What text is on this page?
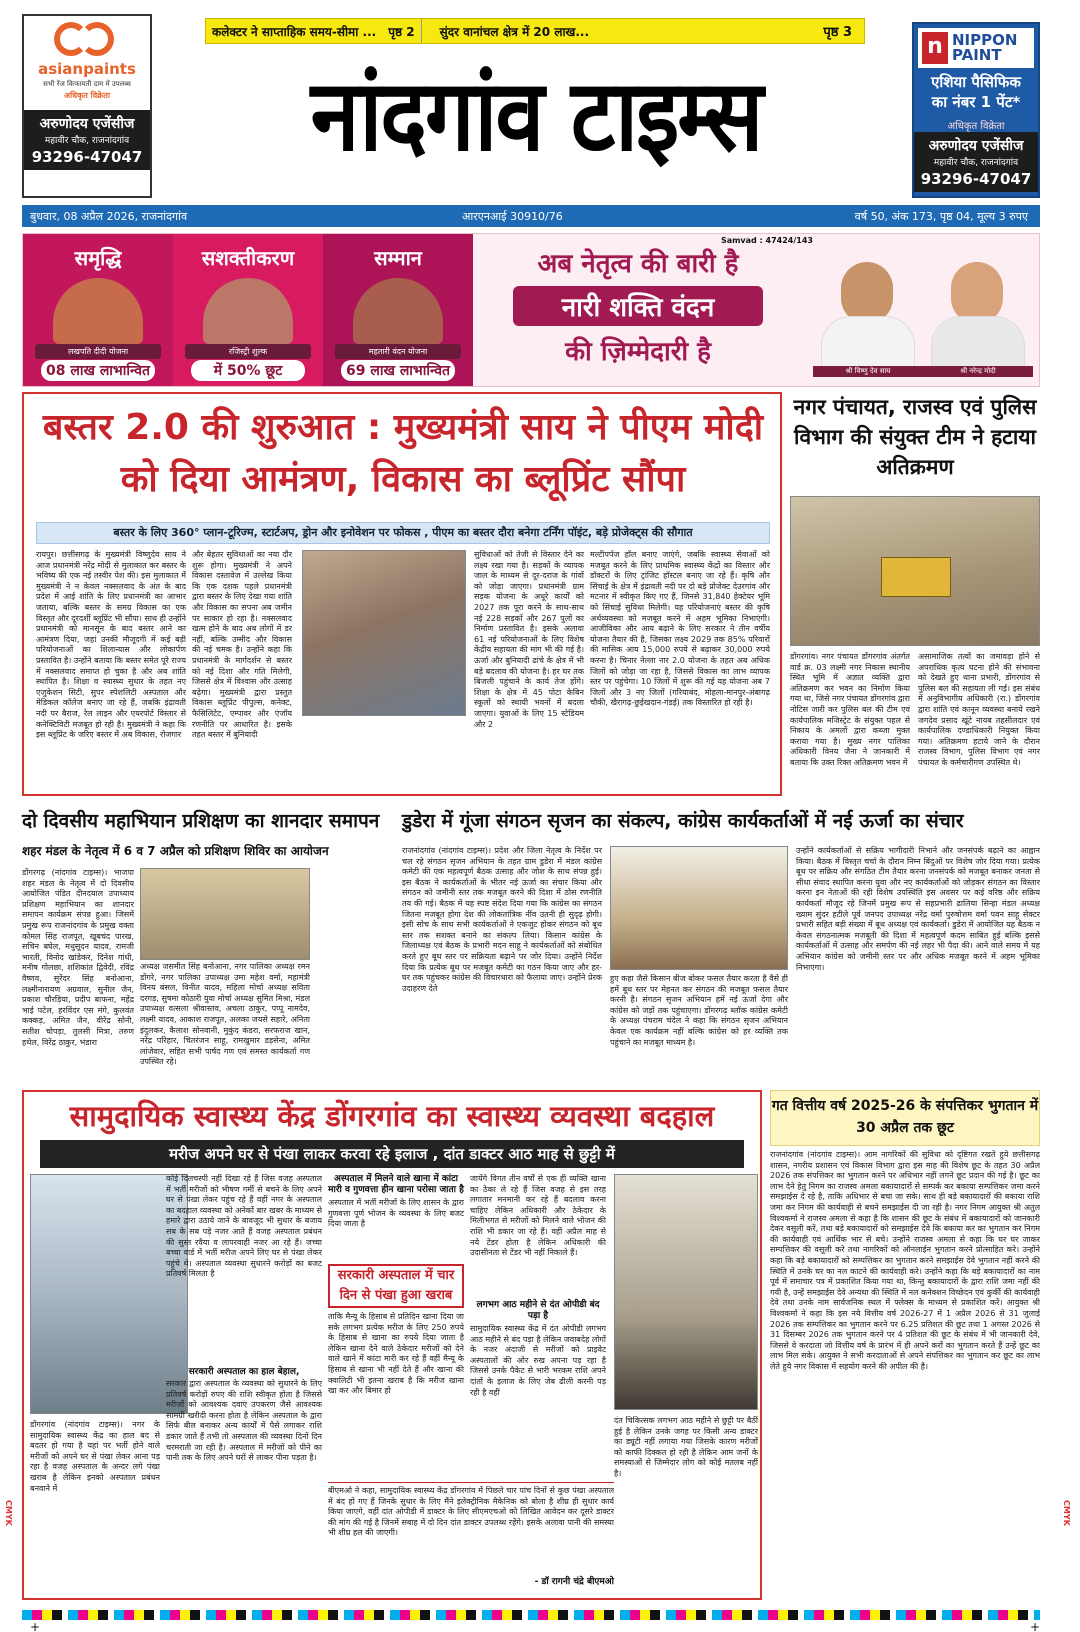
कलेक्टर ने साप्ताहिक समय-सीमा ...	पृष्ठ 2	सुंदर वानांचल क्षेत्र में 20 लाख...	पृष्ठ 3
asianpaints
सभी रेंज किफायती दाम में उपलब्ध
अधिकृत विक्रेता
अरुणोदय एजेंसीज
महावीर चौक, राजनांदगांव
93296-47047	नांदगांव टाइम्स
n NIPPON PAINT
एशिया पैसिफिक
का नंबर 1 पेंट*
अधिकृत विक्रेता
अरुणोदय एजेंसीज
महावीर चौक, राजनांदगांव
93296-47047
बुधवार, 08 अप्रैल 2026, राजनांदगांव	आरएनआई 30910/76	वर्ष 50, अंक 173, पृष्ठ 04, मूल्य 3 रुपए
समृद्धि
लखपति दीदी योजना
08 लाख लाभान्वित
सशक्तीकरण
रजिस्ट्री शुल्क
में 50% छूट
सम्मान
महतारी वंदन योजना
69 लाख लाभान्वित
अब नेतृत्व की बारी है
नारी शक्ति वंदन
की ज़िम्मेदारी है
Samvad : 47424/143
श्री विष्णु देव साय	श्री नरेन्द्र मोदी
बस्तर 2.0 की शुरुआत : मुख्यमंत्री साय ने पीएम मोदी को दिया आमंत्रण, विकास का ब्लूप्रिंट सौंपा
बस्तर के लिए 360° प्लान-टूरिज्म, स्टार्टअप, ड्रोन और इनोवेशन पर फोकस , पीएम का बस्तर दौरा बनेगा टर्निंग पॉइंट, बड़े प्रोजेक्ट्स की सौगात
रायपुर। छत्तीसगढ़ के मुख्यमंत्री विष्णुदेव साय ने आज प्रधानमंत्री नरेंद्र मोदी से मुलाकात कर बस्तर के भविष्य की एक नई तस्वीर पेश की। इस मुलाकात में मुख्यमंत्री ने न केवल नक्सलवाद के अंत के बाद प्रदेश में आई शांति के लिए प्रधानमंत्री का आभार जताया, बल्कि बस्तर के समग्र विकास का एक विस्तृत और दूरदर्शी ब्लूप्रिंट भी सौंपा। साथ ही उन्होंने प्रधानमंत्री को मानसून के बाद बस्तर आने का आमंत्रण दिया, जहां उनकी मौजूदगी में कई बड़ी परियोजनाओं का शिलान्यास और लोकार्पण प्रस्तावित है। उन्होंने बताया कि बस्तर समेत पूरे राज्य में नक्सलवाद समाप्त हो चुका है और अब शांति स्थापित है। शिक्षा व स्वास्थ्य सुधार के तहत नए एजुकेशन सिटी, सुपर स्पेशलिटी अस्पताल और मेडिकल कॉलेज बनाए जा रहे हैं, जबकि इंद्रावती नदी पर बैराज, रेल लाइन और एयरपोर्ट विस्तार से कनेक्टिविटी मजबूत हो रही है। मुख्यमंत्री ने कहा कि इस ब्लूप्रिंट के जरिए बस्तर में अब विकास, रोजगार
और बेहतर सुविधाओं का नया दौर शुरू होगा। मुख्यमंत्री ने अपने विकास दस्तावेज में उल्लेख किया कि एक दशक पहले प्रधानमंत्री द्वारा बस्तर के लिए देखा गया शांति और विकास का सपना अब जमीन पर साकार हो रहा है। नक्सलवाद खत्म होने के बाद अब लोगों में डर नहीं, बल्कि उम्मीद और विकास की नई चमक है। उन्होंने कहा कि प्रधानमंत्री के मार्गदर्शन से बस्तर को नई दिशा और गति मिलेगी, जिससे क्षेत्र में विश्वास और उत्साह बढ़ेगा। मुख्यमंत्री द्वारा प्रस्तुत विकास ब्लूप्रिंट पीपुल्स, कनेक्ट, फैसिलिटेट, एम्पावर और एंजॉय रणनीति पर आधारित है। इसके तहत बस्तर में बुनियादी
सुविधाओं को तेजी से विस्तार देने का लक्ष्य रखा गया है। सड़कों के व्यापक जाल के माध्यम से दूर-दराज के गांवों को जोड़ा जाएगा। प्रधानमंत्री ग्राम सड़क योजना के अधूरे कार्यों को 2027 तक पूरा करने के साथ-साथ नई 228 सड़कों और 267 पुलों का निर्माण प्रस्तावित है। इसके अलावा 61 नई परियोजनाओं के लिए विशेष केंद्रीय सहायता की मांग भी की गई है। ऊर्जा और बुनियादी ढांचे के क्षेत्र में भी बड़े बदलाव की योजना है। हर घर तक बिजली पहुंचाने के कार्य तेज होंगे। शिक्षा के क्षेत्र में 45 पोटा केबिन स्कूलों को स्थायी भवनों में बदला जाएगा। युवाओं के लिए 15 स्टेडियम और 2
मल्टीपर्पज हॉल बनाए जाएंगे, जबकि स्वास्थ्य सेवाओं को मजबूत करने के लिए प्राथमिक स्वास्थ्य केंद्रों का विस्तार और डॉक्टरों के लिए ट्रांजिट हॉस्टल बनाए जा रहे हैं। कृषि और सिंचाई के क्षेत्र में इंद्रावती नदी पर दो बड़े प्रोजेक्ट देउरगांव और मटनार में स्वीकृत किए गए हैं, जिनसे 31,840 हेक्टेयर भूमि को सिंचाई सुविधा मिलेगी। यह परियोजनाएं बस्तर की कृषि अर्थव्यवस्था को मजबूत करने में अहम भूमिका निभाएंगी। आजीविका और आय बढ़ाने के लिए सरकार ने तीन वर्षीय योजना तैयार की है, जिसका लक्ष्य 2029 तक 85% परिवारों की मासिक आय 15,000 रुपये से बढ़ाकर 30,000 रुपये करना है। चिनार नेल्ला नार 2.0 योजना के तहत अब अधिक जिलों को जोड़ा जा रहा है, जिससे विकास का लाभ व्यापक स्तर पर पहुंचेगा। 10 जिलों में शुरू की गई यह योजना अब 7 जिलों और 3 नए जिलों (गरियाबंद, मोहला-मानपुर-अंबागढ़ चौकी, खैरागढ़-छुईखदान-गंडई) तक विस्तारित हो रही है।
नगर पंचायत, राजस्व एवं पुलिस विभाग की संयुक्त टीम ने हटाया अतिक्रमण
डोंगरगांव। नगर पंचायत डोंगरगांव अंतर्गत वार्ड क्र. 03 लक्ष्मी नगर निकास स्थानीय स्थित भूमि में अज्ञात व्यक्ति द्वारा अतिक्रमण कर भवन का निर्माण किया गया था, जिसे नगर पंचायत डोंगरगांव द्वारा नोटिस जारी कर पुलिस बल की टीम एवं कार्यपालिक मजिस्ट्रेट के संयुक्त पहल से निकाय के अमलों द्वारा कब्जा मुक्त कराया गया है। मुख्य नगर पालिका अधिकारी विनय जैना ने जानकारी में बताया कि उक्त रिक्त अतिक्रमण भवन में
असामाजिक तत्वों का जमावड़ा होने से अपराधिक कृत्य घटना होने की संभावना को देखते हुए थाना प्रभारी, डोंगरगांव से पुलिस बल की सहायता ली गई। इस संबंध में अनुविभागीय अधिकारी (रा.) डोंगरगांव द्वारा शांति एवं कानून व्यवस्था बनाये रखने जगदेव प्रसाद खूंटे नायब तहसीलदार एवं कार्यपालिक दण्डाधिकारी नियुक्त किया गया। अतिक्रमण हटाये जाने के दौरान राजस्व विभाग, पुलिस विभाग एवं नगर पंचायत के कर्मचारीगण उपस्थित थे।
दो दिवसीय महाभियान प्रशिक्षण का शानदार समापन
शहर मंडल के नेतृत्व में 6 व 7 अप्रैल को प्रशिक्षण शिविर का आयोजन
डोंगरगढ़ (नांदगांव टाइम्स)। भाजपा शहर मंडल के नेतृत्व में दो दिवसीय आयोजित पंडित दीनदयाल उपाध्याय प्रशिक्षण महाभियान का शानदार समापन कार्यक्रम संपन्न हुआ। जिसमें प्रमुख रूप राजनांदगांव के प्रमुख वक्ता कोमल सिंह राजपूत, खूबचंद पारख, सचिन बघेल, मधुसूदन यादव, रामजी भारती, विनोद खांडेकर, दिनेश गांधी, मनीष गोलछा, शशिकांत द्विवेदी, रविंद्र वैष्णव, सुरेंदर सिंह बनोआना, लक्ष्मीनारायण अग्रवाल, सुनील जैन, प्रकाश चौरड़िया, प्रदीप बाफना, महेंद्र भाई पटेल, हरविंदर एस मंगे, कुलवंत कक्कड़, अमित जैन, वीरेंद्र सोनी, सतीश चोपड़ा, तुलसी मित्रा, तरुण हथेल, विरेंद्र ठाकुर, भंडारा
अध्यक्ष जसमीत सिंह बनोआना, नगर पालिका अध्यक्ष रमन डोंगरे, नगर पालिका उपाध्यक्ष उमा महेश वर्मा, महामंत्री विनय बंसल, विनीत यादव, महिला मोर्चा अध्यक्ष सविता दरगड़, सुषमा कोठारी युवा मोर्चा अध्यक्ष सुमित मिश्रा, मंडल उपाध्यक्ष वत्सला श्रीवास्तव, अचला ठाकुर, पप्पू नामदेव, लक्ष्मी यादव, आकाश राजपूत, अलका जयसे सहारे, अनिता इंदुलकर, कैलाश सोनवानी, मुकुंद कंडरा, सरफराज खान, नरेंद्र परिहार, चितरंजन साहू, रामखुमार डड़सेना, अमित लांजेवार, सहित सभी पार्षद गण एवं समस्त कार्यकर्ता गण उपस्थित रहे।
डुडेरा में गूंजा संगठन सृजन का संकल्प, कांग्रेस कार्यकर्ताओं में नई ऊर्जा का संचार
राजनांदगांव (नांदगांव टाइम्स)। प्रदेश और जिला नेतृत्व के निर्देश पर चल रहे संगठन सृजन अभियान के तहत ग्राम डुडेरा में मंडल कांग्रेस कमेटी की एक महत्वपूर्ण बैठक उत्साह और जोश के साथ संपन्न हुई। इस बैठक ने कार्यकर्ताओं के भीतर नई ऊर्जा का संचार किया और संगठन को जमीनी स्तर तक मजबूत करने की दिशा में ठोस रणनीति तय की गई। बैठक में यह स्पष्ट संदेश दिया गया कि कांग्रेस का संगठन जितना मजबूत होगा देश की लोकतांत्रिक नींव उतनी ही सुदृढ़ होगी। इसी सोच के साथ सभी कार्यकर्ताओं ने एकजुट होकर संगठन को बूथ स्तर तक सशक्त बनाने का संकल्प लिया। किसान कांग्रेस के जिलाध्यक्ष एवं बैठक के प्रभारी मदन साहू ने कार्यकर्ताओं को संबोधित करते हुए बूथ स्तर पर सक्रियता बढ़ाने पर जोर दिया। उन्होंने निर्देश दिया कि प्रत्येक बूथ पर मजबूत कमेटी का गठन किया जाए और हर-घर तक पहुंचकर कांग्रेस की विचारधारा को फैलाया जाए। उन्होंने प्रेरक उदाहरण देते
हुए कहा जैसे किसान बीज बोकर फसल तैयार करता है वैसे ही हमें बूथ स्तर पर मेहनत कर संगठन की मजबूत फसल तैयार करनी है। संगठन सृजन अभियान हमें नई ऊर्जा देगा और कांग्रेस को जड़ों तक पहुंचाएगा। डोंगरगढ़ ब्लॉक कांग्रेस कमेटी के अध्यक्ष पंचराम चंदेल ने कहा कि संगठन सृजन अभियान केवल एक कार्यक्रम नहीं बल्कि कांग्रेस को हर व्यक्ति तक पहुंचाने का मजबूत माध्यम है।
उन्होंने कार्यकर्ताओं से सक्रिय भागीदारी निभाने और जनसंपर्क बढ़ाने का आह्वान किया। बैठक में विस्तृत चर्चा के दौरान निम्न बिंदुओं पर विशेष जोर दिया गया। प्रत्येक बूथ पर सक्रिय और संगठित टीम तैयार करना जनसंपर्क को मजबूत बनाकर जनता से सीधा संवाद स्थापित करना युवा और नए कार्यकर्ताओं को जोड़कर संगठन का विस्तार करना इन नेताओं की रही विशेष उपस्थिति इस अवसर पर कई वरिष्ठ और सक्रिय कार्यकर्ता मौजूद रहे जिनमें प्रमुख रूप से सहप्रभारी ढालिया सिन्हा मंडल अध्यक्ष ख्याम सुंदर हटीले पूर्व जनपद उपाध्यक्ष नरेंद्र वर्मा पुरुषोत्तम वर्मा पवन साहू सेक्टर प्रभारी सहित बड़ी संख्या में बूथ अध्यक्ष एवं कार्यकर्ता। डुडेरा में आयोजित यह बैठक न केवल संगठनात्मक मजबूती की दिशा में महत्वपूर्ण कदम साबित हुई बल्कि इससे कार्यकर्ताओं में उत्साह और समर्पण की नई लहर भी पैदा की। आने वाले समय में यह अभियान कांग्रेस को जमीनी स्तर पर और अधिक मजबूत करने में अहम भूमिका निभाएगा।
सामुदायिक स्वास्थ्य केंद्र डोंगरगांव का स्वास्थ्य व्यवस्था बदहाल
मरीज अपने घर से पंखा लाकर करवा रहे इलाज , दांत डाक्टर आठ माह से छुट्टी में
डोंगरगांव (नांदगांव टाइम्स)। नगर के सामुदायिक स्वास्थ्य केंद्र का हाल बद से बदतर हो गया है यहां पर भर्ती होने वाले मरीजों को अपने घर से पंखा लेकर आना पड़ रहा है वजह अस्पताल के अन्दर लगे पंखा खराब है लेकिन इनको अस्पताल प्रबंधन बनवाने में
कोई दिलचस्पी नहीं दिखा रहे हैं जिस वजह अस्पताल में भर्ती मरीजों को भीषण गर्मी से बचने के लिए अपने घर से पंखा लेकर पहुंच रहे हैं वहीं नगर के अस्पताल का बदहाल व्यवस्था को अनेकों बार खबर के माध्यम से हमारे द्वारा उठाये जाने के बावजूद भी सुधार के बजाय सब के सब पड़े नजर आते हैं वजह अस्पताल प्रबंधन की सुस्त रवैया व लापरवाही नजर आ रहे हैं। जच्चा बच्चा वार्ड में भर्ती मरीज अपने लिए घर से पंखा लेकर पहुंचे थे। अस्पताल व्यवस्था सुधारने करोड़ों का बजट प्रतिवर्ष मिलता है
सरकारी अस्पताल का हाल बेहाल,
सरकार द्वारा अस्पताल के व्यवस्था को सुधारने के लिए प्रतिवर्ष करोड़ों रुपए की राशि स्वीकृत होता है जिससे मरीजों को आवश्यक दवाएं उपकरण जैसे आवश्यक सामग्री खरीदी करना होता है लेकिन अस्पताल के द्वारा सिर्फ बील बनाकर अन्य कार्यों में पैसे लगाकर राशि डकार जाते हैं तभी तो अस्पताल की व्यवस्था दिनों दिन चरमराती जा रही है। अस्पताल में मरीजों को पीने का पानी तक के लिए अपने घरों से लाकर पीना पड़ता है।
अस्पताल में मिलने वाले खाना में कांटा मारी व गुणवत्ता हीन खाना परोसा जाता है
अस्पताल में भर्ती मरीजों के लिए शासन के द्वारा गुणवत्ता पूर्ण भोजन के व्यवस्था के लिए बजट दिया जाता है
सरकारी अस्पताल में चार दिन से पंखा हुआ खराब
ताकि मैन्यू के हिसाब से प्रतिदिन खाना दिया जा सके लगभग प्रत्येक मरीज के लिए 250 रुपये के हिसाब से खाना का रुपये दिया जाता है लेकिन खाना देने वाले ठेकेदार मरीजों को देने वाले खाने में कांटा मारी कर रहे हैं वहीं मैन्यू के हिसाब से खाना भी नहीं देते हैं और खाना की क्वालिटी भी इतना खराब है कि मरीज खाना खा कर और बिमार हो
जायेंगे विगत तीन वर्षों से एक ही व्यक्ति खाना का ठेका ले रहे हैं जिस वजह से इस तरह लगातार मनमानी कर रहे हैं बदलाव करना चाहिए लेकिन अधिकारी और ठेकेदार के मिलीभगत से मरीजों को मिलने वाले भोजन की राशि भी डकार जा रहे हैं। वहीं अप्रैल माह से नये टेंडर होता है लेकिन अधिकारी की उदासीनता से टेंडर भी नहीं निकाले हैं।
लगभग आठ महीने से दंत ओपीडी बंद पड़ा है
सामुदायिक स्वास्थ्य केंद्र में दंत ओपीडी लगभग आठ महीने से बंद पड़ा है लेकिन जवाबदेह लोगों के नजर अंदाजी से मरीजों को प्राइवेट अस्पतालों की ओर रुख अपना पड़ रहा है जिससे उनके पैकेट से भारी भरकम राशि अपने दांतों के इलाज के लिए जेब ढीली करनी पड़ रही है वहीं
दंत चिकित्सक लगभग आठ महीने से छुट्टी पर बैठीं हुई है लेकिन उनके जगह पर किसी अन्य डाक्टर का ड्यूटी नहीं लगाया गया जिसके कारण मरीजों को काफी दिक्कत हो रही है लेकिन आम जनों के समस्याओं से जिम्मेदार लोग को कोई मतलब नहीं है।
बीएमओ ने कहा, सामुदायिक स्वास्थ्य केंद्र डोंगरगांव में पिछले चार पांच दिनों से कुछ पंखा अस्पताल में बंद हो गए हैं जिनके सुधार के लिए मैंने इलेक्ट्रीनिक मैकेनिक को बोला है शीघ्र ही सुधार कार्य किया जाएगे, वहीं दांत ओपीडी में डाक्टर के लिए सीएमएचओ को लिखित आवेदन कर दूसरे डाक्टर की मांग की गई है जिनमें सबाह में दो दिन दांत डाक्टर उपलब्ध रहेंगे। इसके अलावा पानी की समस्या भी शीघ्र हल की जाएगी।
- डॉ रागनी चंद्रे बीएमओ
गत वित्तीय वर्ष 2025-26 के संपत्तिकर भुगतान में 30 अप्रैल तक छूट
राजनांदगांव (नांदगांव टाइम्स)। आम नागरिकों की सुविधा को दृष्टिगत रखते हुये छत्तीसगढ़ शासन, नगरीय प्रशासन एवं विकास विभाग द्वारा इस माह की विशेष छूट के तहत 30 अप्रैल 2026 तक संपत्तिकर का भुगतान करने पर अधिभार नहीं लगने छूट प्रदान की गई है। छूट का लाभ देने हेतु निगम का राजस्व अमला बकायादारों से सम्पर्क कर बकाया सम्पत्तिकर जमा करने समझाईस दे रहे है, ताकि अधिभार से बचा जा सके। साथ ही बड़े बकायादारों की बकाया राशि जमा कर निगम की कार्यवाही से बचने समझाईस दी जा रही है। नगर निगम आयुक्त श्री अतुल विश्वकर्मा ने राजस्व अमला से कहा है कि शासन की छूट के संबंध में बकायादारों को जानकारी देकर वसूली करें, तथा बड़े बकायादारों को समझाईस देवे कि बकाया कर का भुगतान कर निगम की कार्यवाही एवं आर्थिक भार से बचे। उन्होंने राजस्व अमला से कहा कि घर घर जाकर सम्पत्तिकर की वसूली करे तथा नागरिकों को ऑनलाईन भुगतान करने प्रोत्साहित करे। उन्होंने कहा कि बड़े बकायादारों को सम्पत्तिकर का भुगतान करने समझाईस देवे भुगतान नहीं करने की स्थिति में उनके घर का नल काटने की कार्यवाही करे। उन्होंने कहा कि बड़े बकायादारों का नाम पूर्व में समाचार पत्र में प्रकाशित किया गया था, किन्तु बकायादारों के द्वारा राशि जमा नहीं की गयी है, उन्हें समझाईस देवे अन्यथा की स्थिति में नल कनेक्शन विच्छेदन एवं कुर्की की कार्यवाही देवे तथा उनके नाम सार्वजनिक स्थल में फ्लेक्स के माध्यम से प्रकाशित करें। आयुक्त श्री विश्वकर्मा ने कहा कि इस नये वित्तीय वर्ष 2026-27 में 1 अप्रैल 2026 से 31 जुलाई 2026 तक सम्पत्तिकर का भुगतान करने पर 6.25 प्रतिशत की छूट तथा 1 अगस्त 2026 से 31 दिसम्बर 2026 तक भुगतान करने पर 4 प्रतिशत की छूट के संबंध में भी जानकारी देवे, जिससे वे करदाता जो वित्तीय वर्ष के प्रारंभ में ही अपने करों का भुगतान करते हैं उन्हें छूट का लाभ मिल सके। आयुक्त ने सभी करदाताओं से अपने संपत्तिकर का भुगतान कर छूट का लाभ लेते हुये नगर विकास में सहयोग करने की अपील की है।
CMYK	CMYK
+	+
